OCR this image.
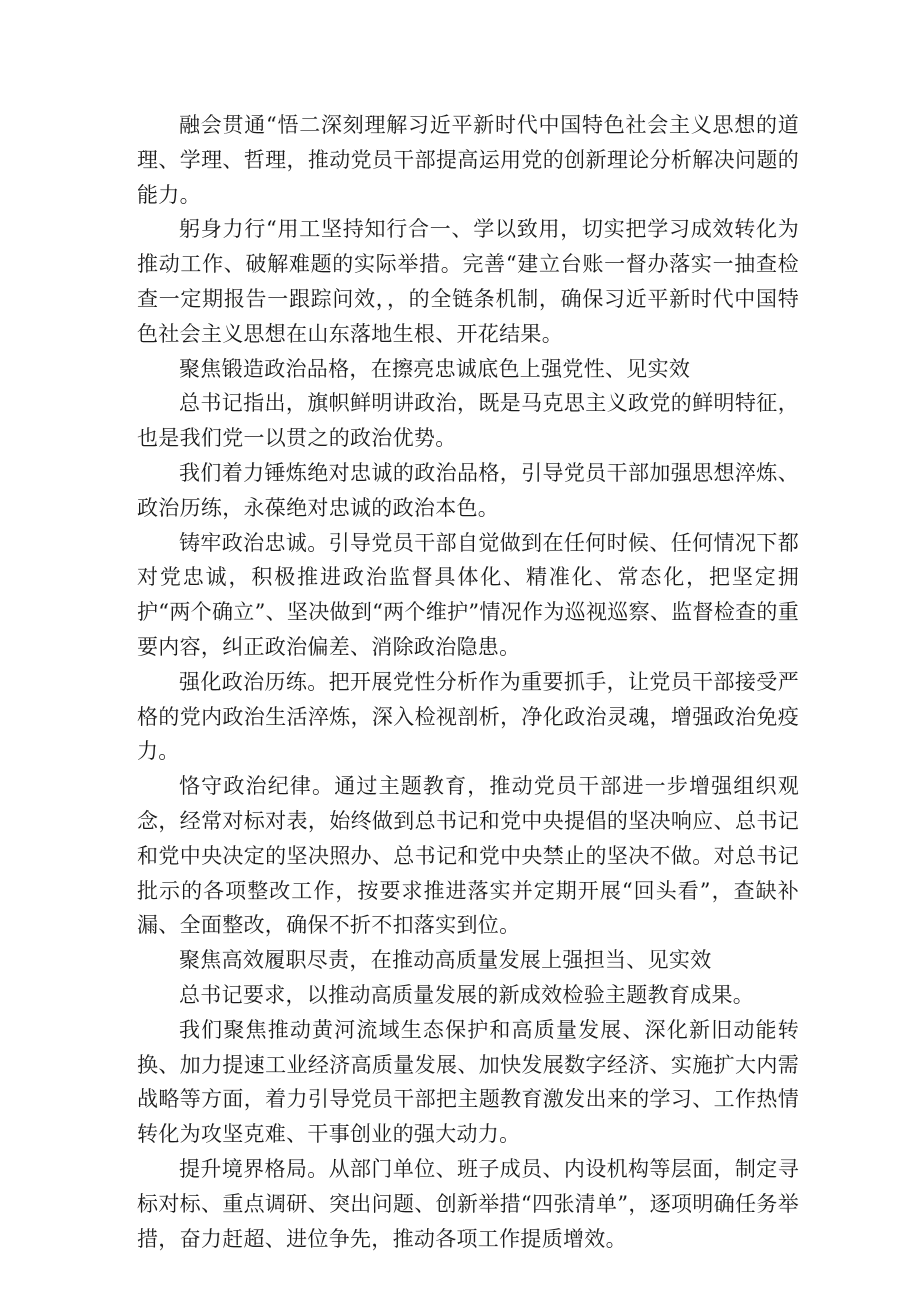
融会贯通“悟二深刻理解习近平新时代中国特色社会主义思想的道理、学理、哲理，推动党员干部提高运用党的创新理论分析解决问题的能力。

躬身力行“用工坚持知行合一、学以致用，切实把学习成效转化为推动工作、破解难题的实际举措。完善“建立台账一督办落实一抽查检查一定期报告一跟踪问效，，的全链条机制，确保习近平新时代中国特色社会主义思想在山东落地生根、开花结果。

聚焦锻造政治品格，在擦亮忠诚底色上强党性、见实效

总书记指出，旗帜鲜明讲政治，既是马克思主义政党的鲜明特征，也是我们党一以贯之的政治优势。

我们着力锤炼绝对忠诚的政治品格，引导党员干部加强思想淬炼、政治历练，永葆绝对忠诚的政治本色。

铸牢政治忠诚。引导党员干部自觉做到在任何时候、任何情况下都对党忠诚，积极推进政治监督具体化、精准化、常态化，把坚定拥护“两个确立”、坚决做到“两个维护”情况作为巡视巡察、监督检查的重要内容，纠正政治偏差、消除政治隐患。

强化政治历练。把开展党性分析作为重要抓手，让党员干部接受严格的党内政治生活淬炼，深入检视剖析，净化政治灵魂，增强政治免疫力。

恪守政治纪律。通过主题教育，推动党员干部进一步增强组织观念，经常对标对表，始终做到总书记和党中央提倡的坚决响应、总书记和党中央决定的坚决照办、总书记和党中央禁止的坚决不做。对总书记批示的各项整改工作，按要求推进落实并定期开展“回头看”，查缺补漏、全面整改，确保不折不扣落实到位。

聚焦高效履职尽责，在推动高质量发展上强担当、见实效

总书记要求，以推动高质量发展的新成效检验主题教育成果。

我们聚焦推动黄河流域生态保护和高质量发展、深化新旧动能转换、加力提速工业经济高质量发展、加快发展数字经济、实施扩大内需战略等方面，着力引导党员干部把主题教育激发出来的学习、工作热情转化为攻坚克难、干事创业的强大动力。

提升境界格局。从部门单位、班子成员、内设机构等层面，制定寻标对标、重点调研、突出问题、创新举措“四张清单”，逐项明确任务举措，奋力赶超、进位争先，推动各项工作提质增效。
